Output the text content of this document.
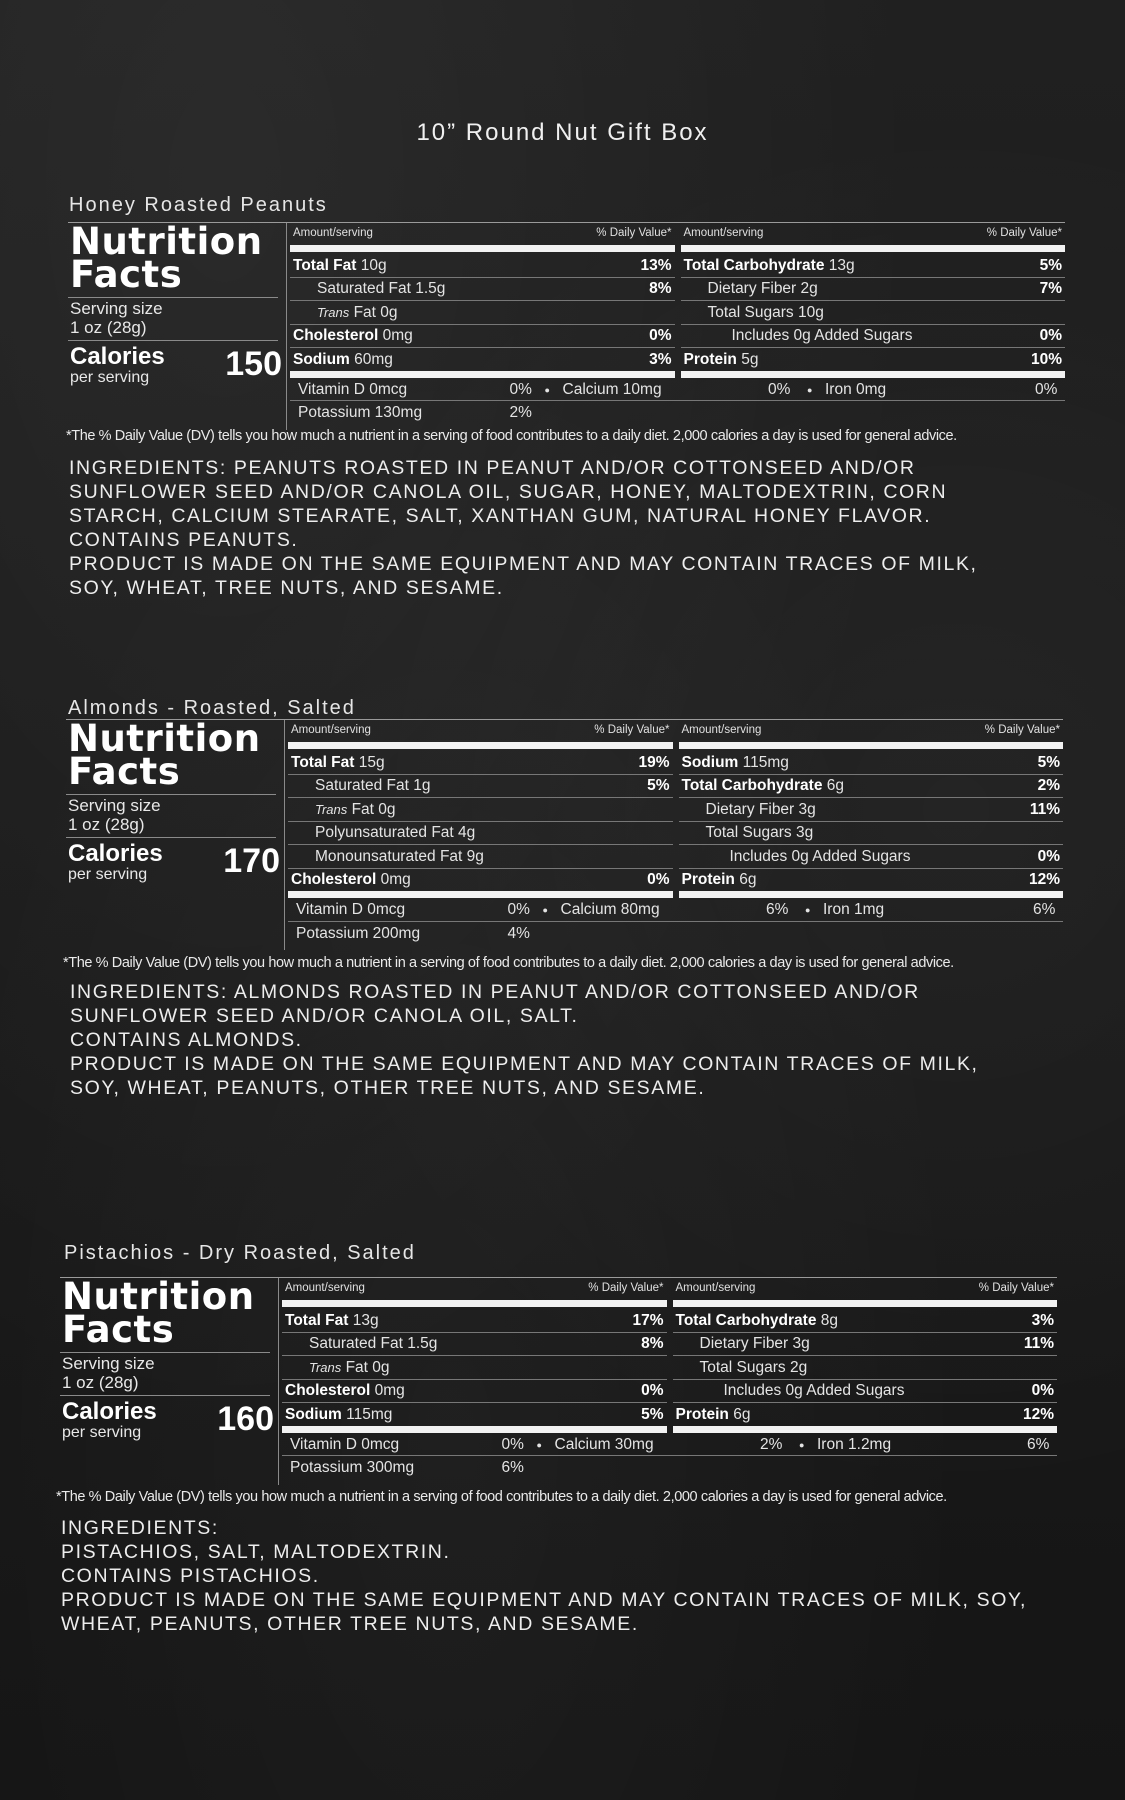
10” Round Nut Gift Box
Honey Roasted Peanuts
Nutrition
Facts
Serving size
1 oz (28g)
Calories
per serving 150
Amount/serving	% Daily Value*
Total Fat 10g	13%
Saturated Fat 1.5g	8%
Trans Fat 0g
Cholesterol 0mg	0%
Sodium 60mg	3%
Amount/serving	% Daily Value*
Total Carbohydrate 13g	5%
Dietary Fiber 2g	7%
Total Sugars 10g
Includes 0g Added Sugars	0%
Protein 5g	10%
Vitamin D 0mcg	0% Calcium 10mg	0% Iron 0mg	0%
●	●
Potassium 130mg	2%
*The % Daily Value (DV) tells you how much a nutrient in a serving of food contributes to a daily diet. 2,000 calories a day is used for general advice.
INGREDIENTS: PEANUTS ROASTED IN PEANUT AND/OR COTTONSEED AND/OR
SUNFLOWER SEED AND/OR CANOLA OIL, SUGAR, HONEY, MALTODEXTRIN, CORN
STARCH, CALCIUM STEARATE, SALT, XANTHAN GUM, NATURAL HONEY FLAVOR.
CONTAINS PEANUTS.
PRODUCT IS MADE ON THE SAME EQUIPMENT AND MAY CONTAIN TRACES OF MILK,
SOY, WHEAT, TREE NUTS, AND SESAME.
Almonds - Roasted, Salted
Nutrition
Facts
Serving size
1 oz (28g)
Calories
per serving 170
Amount/serving	% Daily Value*
Total Fat 15g	19%
Saturated Fat 1g	5%
Trans Fat 0g
Polyunsaturated Fat 4g
Monounsaturated Fat 9g
Cholesterol 0mg	0%
Amount/serving	% Daily Value*
Sodium 115mg	5%
Total Carbohydrate 6g	2%
Dietary Fiber 3g	11%
Total Sugars 3g
Includes 0g Added Sugars	0%
Protein 6g	12%
Vitamin D 0mcg	0% Calcium 80mg	6% Iron 1mg	6%
●	●
Potassium 200mg	4%
*The % Daily Value (DV) tells you how much a nutrient in a serving of food contributes to a daily diet. 2,000 calories a day is used for general advice.
INGREDIENTS: ALMONDS ROASTED IN PEANUT AND/OR COTTONSEED AND/OR
SUNFLOWER SEED AND/OR CANOLA OIL, SALT.
CONTAINS ALMONDS.
PRODUCT IS MADE ON THE SAME EQUIPMENT AND MAY CONTAIN TRACES OF MILK,
SOY, WHEAT, PEANUTS, OTHER TREE NUTS, AND SESAME.
Pistachios - Dry Roasted, Salted
Nutrition
Facts
Serving size
1 oz (28g)
Calories
per serving 160
Amount/serving	% Daily Value*
Total Fat 13g	17%
Saturated Fat 1.5g	8%
Trans Fat 0g
Cholesterol 0mg	0%
Sodium 115mg	5%
Amount/serving	% Daily Value*
Total Carbohydrate 8g	3%
Dietary Fiber 3g	11%
Total Sugars 2g
Includes 0g Added Sugars	0%
Protein 6g	12%
Vitamin D 0mcg	0% Calcium 30mg	2% Iron 1.2mg	6%
●	●
Potassium 300mg	6%
*The % Daily Value (DV) tells you how much a nutrient in a serving of food contributes to a daily diet. 2,000 calories a day is used for general advice.
INGREDIENTS:
PISTACHIOS, SALT, MALTODEXTRIN.
CONTAINS PISTACHIOS.
PRODUCT IS MADE ON THE SAME EQUIPMENT AND MAY CONTAIN TRACES OF MILK, SOY,
WHEAT, PEANUTS, OTHER TREE NUTS, AND SESAME.
